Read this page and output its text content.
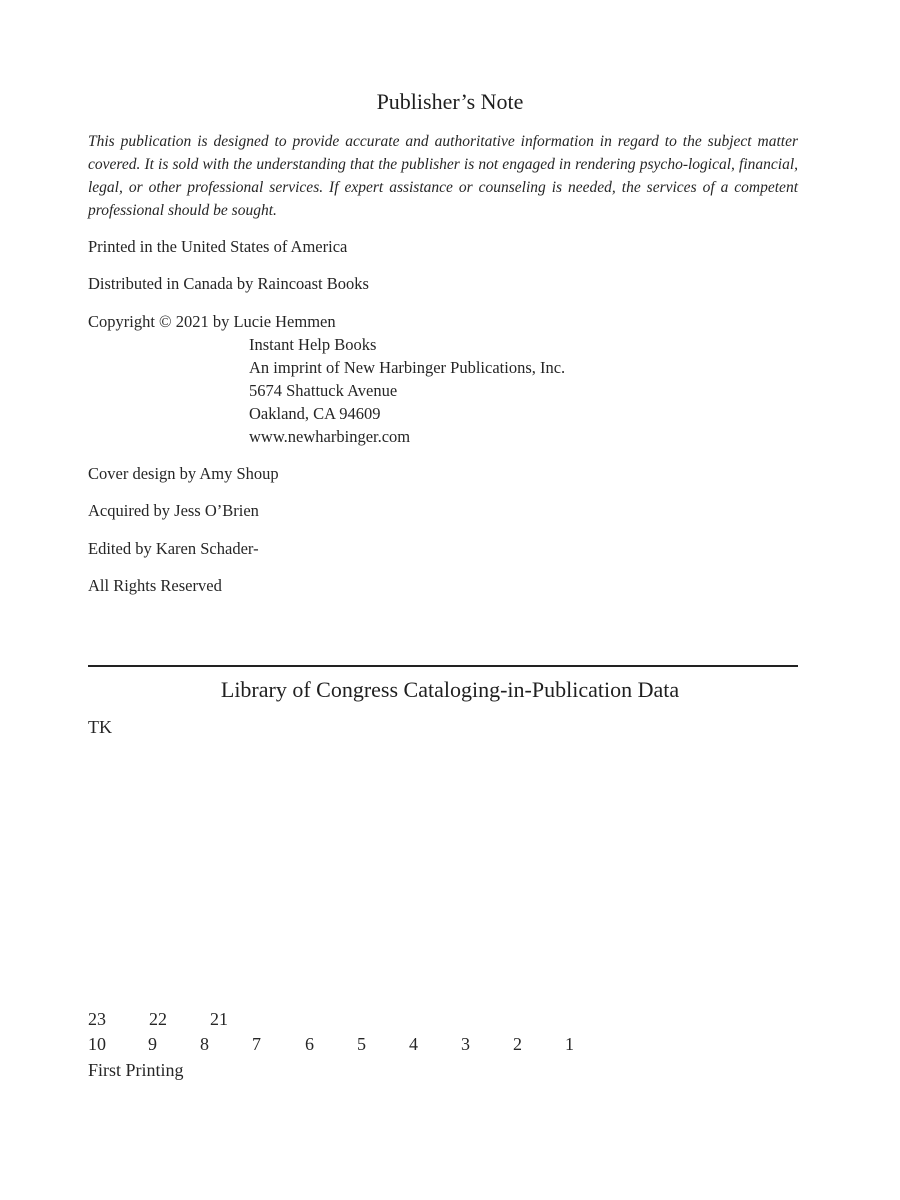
Publisher’s Note
This publication is designed to provide accurate and authoritative information in regard to the subject matter covered. It is sold with the understanding that the publisher is not engaged in rendering psycho-logical, financial, legal, or other professional services. If expert assistance or counseling is needed, the services of a competent professional should be sought.
Printed in the United States of America
Distributed in Canada by Raincoast Books
Copyright © 2021 by Lucie Hemmen
Instant Help Books
An imprint of New Harbinger Publications, Inc.
5674 Shattuck Avenue
Oakland, CA 94609
www.newharbinger.com
Cover design by Amy Shoup
Acquired by Jess O’Brien
Edited by Karen Schader-
All Rights Reserved
Library of Congress Cataloging-in-Publication Data
TK
23 22 21
10 9 8 7 6 5 4 3 2 1
First Printing
